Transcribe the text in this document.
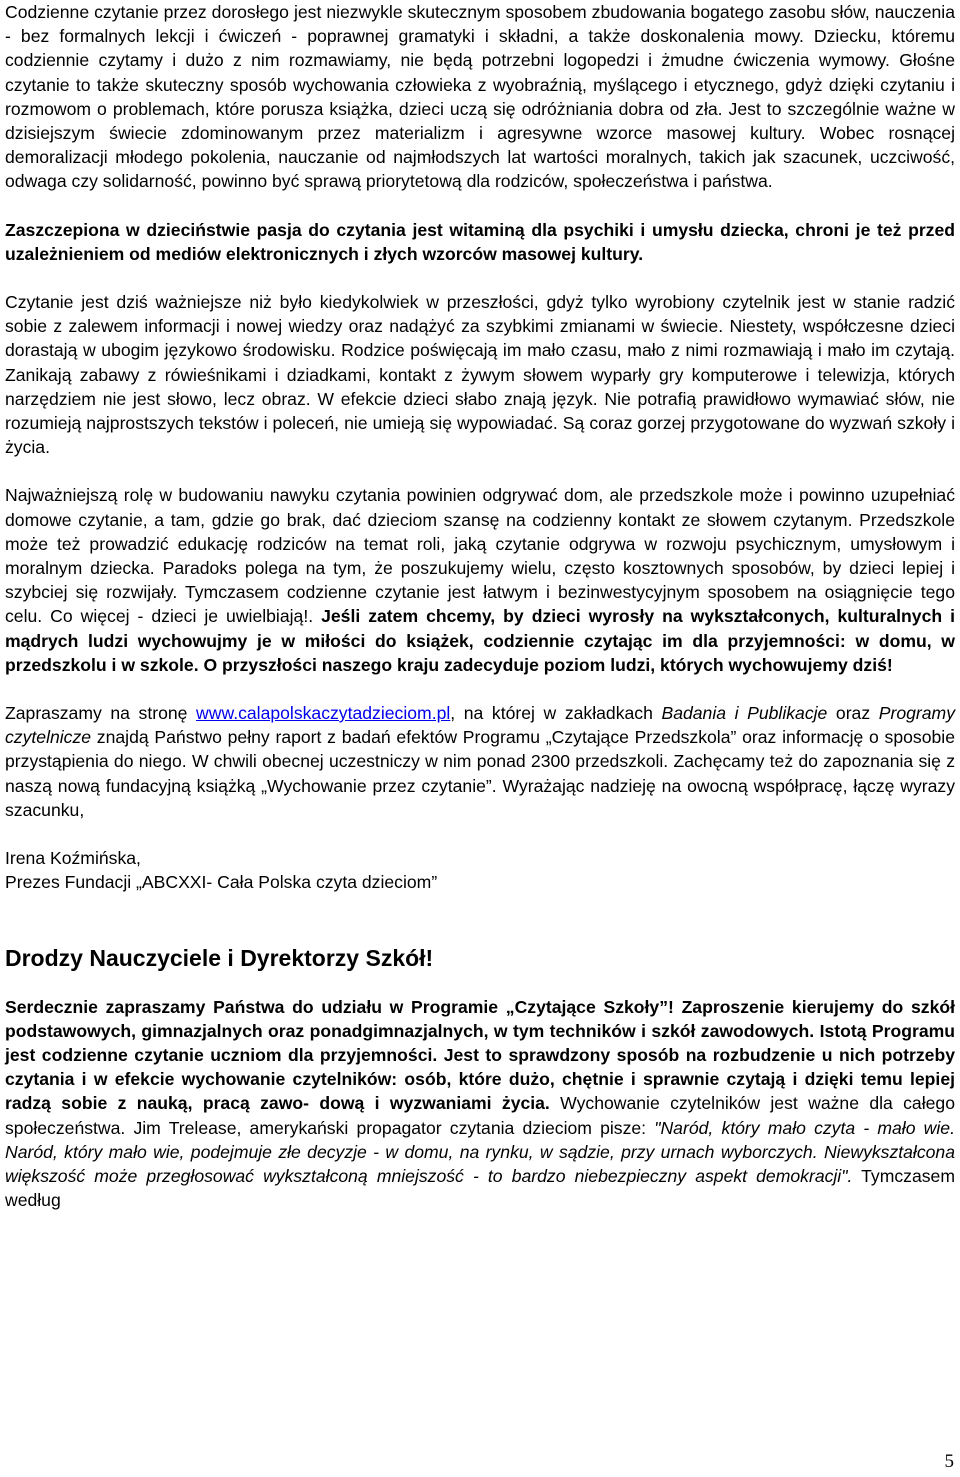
Codzienne czytanie przez dorosłego jest niezwykle skutecznym sposobem zbudowania bogatego zasobu słów, nauczenia - bez formalnych lekcji i ćwiczeń - poprawnej gramatyki i składni, a także doskonalenia mowy. Dziecku, któremu codziennie czytamy i dużo z nim rozmawiamy, nie będą potrzebni logopedzi i żmudne ćwiczenia wymowy. Głośne czytanie to także skuteczny sposób wychowania człowieka z wyobraźnią, myślącego i etycznego, gdyż dzięki czytaniu i rozmowom o problemach, które porusza książka, dzieci uczą się odróżniania dobra od zła. Jest to szczególnie ważne w dzisiejszym świecie zdominowanym przez materializm i agresywne wzorce masowej kultury. Wobec rosnącej demoralizacji młodego pokolenia, nauczanie od najmłodszych lat wartości moralnych, takich jak szacunek, uczciwość, odwaga czy solidarność, powinno być sprawą priorytetową dla rodziców, społeczeństwa i państwa.

Zaszczepiona w dzieciństwie pasja do czytania jest witaminą dla psychiki i umysłu dziecka, chroni je też przed uzależnieniem od mediów elektronicznych i złych wzorców masowej kultury.

Czytanie jest dziś ważniejsze niż było kiedykolwiek w przeszłości, gdyż tylko wyrobiony czytelnik jest w stanie radzić sobie z zalewem informacji i nowej wiedzy oraz nadążyć za szybkimi zmianami w świecie. Niestety, współczesne dzieci dorastają w ubogim językowo środowisku. Rodzice poświęcają im mało czasu, mało z nimi rozmawiają i mało im czytają. Zanikają zabawy z rówieśnikami i dziadkami, kontakt z żywym słowem wyparły gry komputerowe i telewizja, których narzędziem nie jest słowo, lecz obraz. W efekcie dzieci słabo znają język. Nie potrafią prawidłowo wymawiać słów, nie rozumieją najprostszych tekstów i poleceń, nie umieją się wypowiadać. Są coraz gorzej przygotowane do wyzwań szkoły i życia.

Najważniejszą rolę w budowaniu nawyku czytania powinien odgrywać dom, ale przedszkole może i powinno uzupełniać domowe czytanie, a tam, gdzie go brak, dać dzieciom szansę na codzienny kontakt ze słowem czytanym. Przedszkole może też prowadzić edukację rodziców na temat roli, jaką czytanie odgrywa w rozwoju psychicznym, umysłowym i moralnym dziecka. Paradoks polega na tym, że poszukujemy wielu, często kosztownych sposobów, by dzieci lepiej i szybciej się rozwijały. Tymczasem codzienne czytanie jest łatwym i bezinwestycyjnym sposobem na osiągnięcie tego celu. Co więcej - dzieci je uwielbiają!. Jeśli zatem chcemy, by dzieci wyrosły na wykształconych, kulturalnych i mądrych ludzi wychowujmy je w miłości do książek, codziennie czytając im dla przyjemności: w domu, w przedszkolu i w szkole. O przyszłości naszego kraju zadecyduje poziom ludzi, których wychowujemy dziś!

Zapraszamy na stronę www.calapolskaczytadzieciom.pl, na której w zakładkach Badania i Publikacje oraz Programy czytelnicze znajdą Państwo pełny raport z badań efektów Programu „Czytające Przedszkola” oraz informację o sposobie przystąpienia do niego. W chwili obecnej uczestniczy w nim ponad 2300 przedszkoli. Zachęcamy też do zapoznania się z naszą nową fundacyjną książką „Wychowanie przez czytanie”. Wyrażając nadzieję na owocną współpracę, łączę wyrazy szacunku,

Irena Koźmińska,

Prezes Fundacji „ABCXXI- Cała Polska czyta dzieciom”

Drodzy Nauczyciele i Dyrektorzy Szkół!

Serdecznie zapraszamy Państwa do udziału w Programie „Czytające Szkoły”! Zaproszenie kierujemy do szkół podstawowych, gimnazjalnych oraz ponadgimnazjalnych, w tym techników i szkół zawodowych. Istotą Programu jest codzienne czytanie uczniom dla przyjemności. Jest to sprawdzony sposób na rozbudzenie u nich potrzeby czytania i w efekcie wychowanie czytelników: osób, które dużo, chętnie i sprawnie czytają i dzięki temu lepiej radzą sobie z nauką, pracą zawo- dową i wyzwaniami życia. Wychowanie czytelników jest ważne dla całego społeczeństwa. Jim Trelease, amerykański propagator czytania dzieciom pisze: "Naród, który mało czyta - mało wie. Naród, który mało wie, podejmuje złe decyzje - w domu, na rynku, w sądzie, przy urnach wyborczych. Niewykształcona większość może przegłosować wykształconą mniejszość - to bardzo niebezpieczny aspekt demokracji". Tymczasem według

5
